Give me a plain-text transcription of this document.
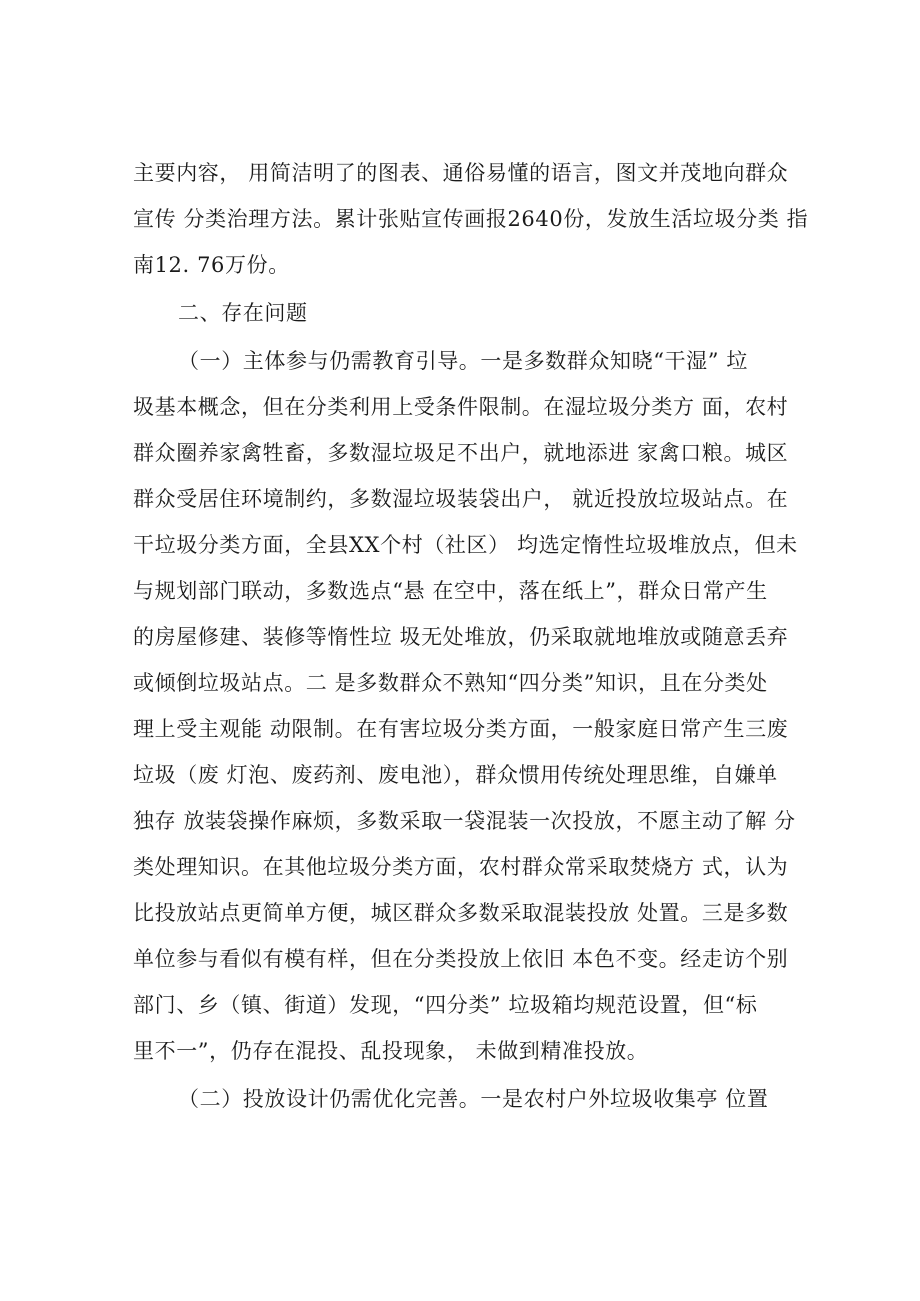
主要内容， 用简洁明了的图表、通俗易懂的语言，图文并茂地向群众
宣传 分类治理方法。累计张贴宣传画报2640份，发放生活垃圾分类 指
南12. 76万份。
二、存在问题
（一）主体参与仍需教育引导。一是多数群众知晓“干湿” 垃
圾基本概念，但在分类利用上受条件限制。在湿垃圾分类方 面，农村
群众圈养家禽牲畜，多数湿垃圾足不出户，就地添进 家禽口粮。城区
群众受居住环境制约，多数湿垃圾装袋出户， 就近投放垃圾站点。在
干垃圾分类方面，全县XX个村（社区） 均选定惰性垃圾堆放点，但未
与规划部门联动，多数选点“悬 在空中，落在纸上”，群众日常产生
的房屋修建、装修等惰性垃 圾无处堆放，仍采取就地堆放或随意丢弃
或倾倒垃圾站点。二 是多数群众不熟知“四分类”知识，且在分类处
理上受主观能 动限制。在有害垃圾分类方面，一般家庭日常产生三废
垃圾（废 灯泡、废药剂、废电池），群众惯用传统处理思维，自嫌单
独存 放装袋操作麻烦，多数采取一袋混装一次投放，不愿主动了解 分
类处理知识。在其他垃圾分类方面，农村群众常采取焚烧方 式，认为
比投放站点更简单方便，城区群众多数采取混装投放 处置。三是多数
单位参与看似有模有样，但在分类投放上依旧 本色不变。经走访个别
部门、乡（镇、街道）发现，“四分类” 垃圾箱均规范设置，但“标
里不一”，仍存在混投、乱投现象， 未做到精准投放。
（二）投放设计仍需优化完善。一是农村户外垃圾收集亭 位置
